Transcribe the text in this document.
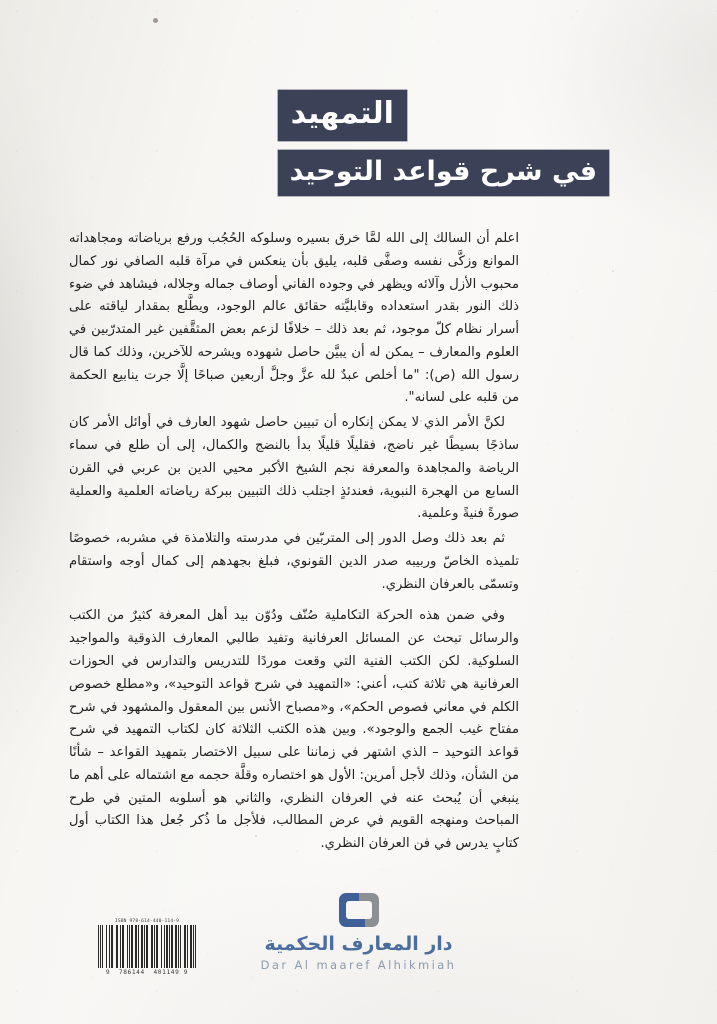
التمهيد
في شرح قواعد التوحيد

اعلم أن السالك إلى الله لمَّا خرق بسيره وسلوكه الحُجُب ورفع برياضاته ومجاهداته الموانع وزكَّى نفسه وصفَّى قلبه، يليق بأن ينعكس في مرآة قلبه الصافي نور كمال محبوب الأزل وآلائه ويظهر في وجوده الفاني أوصاف جماله وجلاله، فيشاهد في ضوء ذلك النور بقدر استعداده وقابليَّته حقائق عالم الوجود، ويطَّلع بمقدار لياقته على أسرار نظام كلّ موجود، ثم بعد ذلك – خلافًا لزعم بعض المثقَّفين غير المتدرّبين في العلوم والمعارف – يمكن له أن يبيَّن حاصل شهوده ويشرحه للآخرين، وذلك كما قال رسول الله (ص): "ما أخلص عبدٌ لله عزَّ وجلَّ أربعين صباحًا إلَّا جرت ينابيع الحكمة من قلبه على لسانه".

لكنَّ الأمر الذي لا يمكن إنكاره أن تبيين حاصل شهود العارف في أوائل الأمر كان ساذجًا بسيطًا غير ناضج، فقليلًا قليلًا بدأ بالنضج والكمال، إلى أن طلع في سماء الرياضة والمجاهدة والمعرفة نجم الشيخ الأكبر محيي الدين بن عربي في القرن السابع من الهجرة النبوية، فعندئذٍ اجتلب ذلك التبيين ببركة رياضاته العلمية والعملية صورةً فنيةً وعلمية.

ثم بعد ذلك وصل الدور إلى المتربّين في مدرسته والتلامذة في مشربه، خصوصًا تلميذه الخاصّ وربيبه صدر الدين القونوي، فبلغ بجهدهم إلى كمال أوجه واستقام وتسمّى بالعرفان النظري.

وفي ضمن هذه الحركة التكاملية صُنّف ودُوّن بيد أهل المعرفة كثيرٌ من الكتب والرسائل تبحث عن المسائل العرفانية وتفيد طالبي المعارف الذوقية والمواجيد السلوكية. لكن الكتب الفنية التي وقعت موردًا للتدريس والتدارس في الحوزات العرفانية هي ثلاثة كتب، أعني: «التمهيد في شرح قواعد التوحيد»، و«مطلع خصوص الكلم في معاني فصوص الحكم»، و«مصباح الأنس بين المعقول والمشهود في شرح مفتاح غيب الجمع والوجود». وبين هذه الكتب الثلاثة كان لكتاب التمهيد في شرح قواعد التوحيد – الذي اشتهر في زماننا على سبيل الاختصار بتمهيد القواعد – شأنًا من الشأن، وذلك لأجل أمرين: الأول هو اختصاره وقلَّة حجمه مع اشتماله على أهم ما ينبغي أن يُبحث عنه في العرفان النظري، والثاني هو أسلوبه المتين في طرح المباحث ومنهجه القويم في عرض المطالب، فلأجل ما ذُكر جُعل هذا الكتاب أول كتابٍ يدرس في فن العرفان النظري.

دار المعارف الحكمية
Dar Al maaref Alhikmiah
ISBN 978-614-440-114-9
9 786144 401149 9
